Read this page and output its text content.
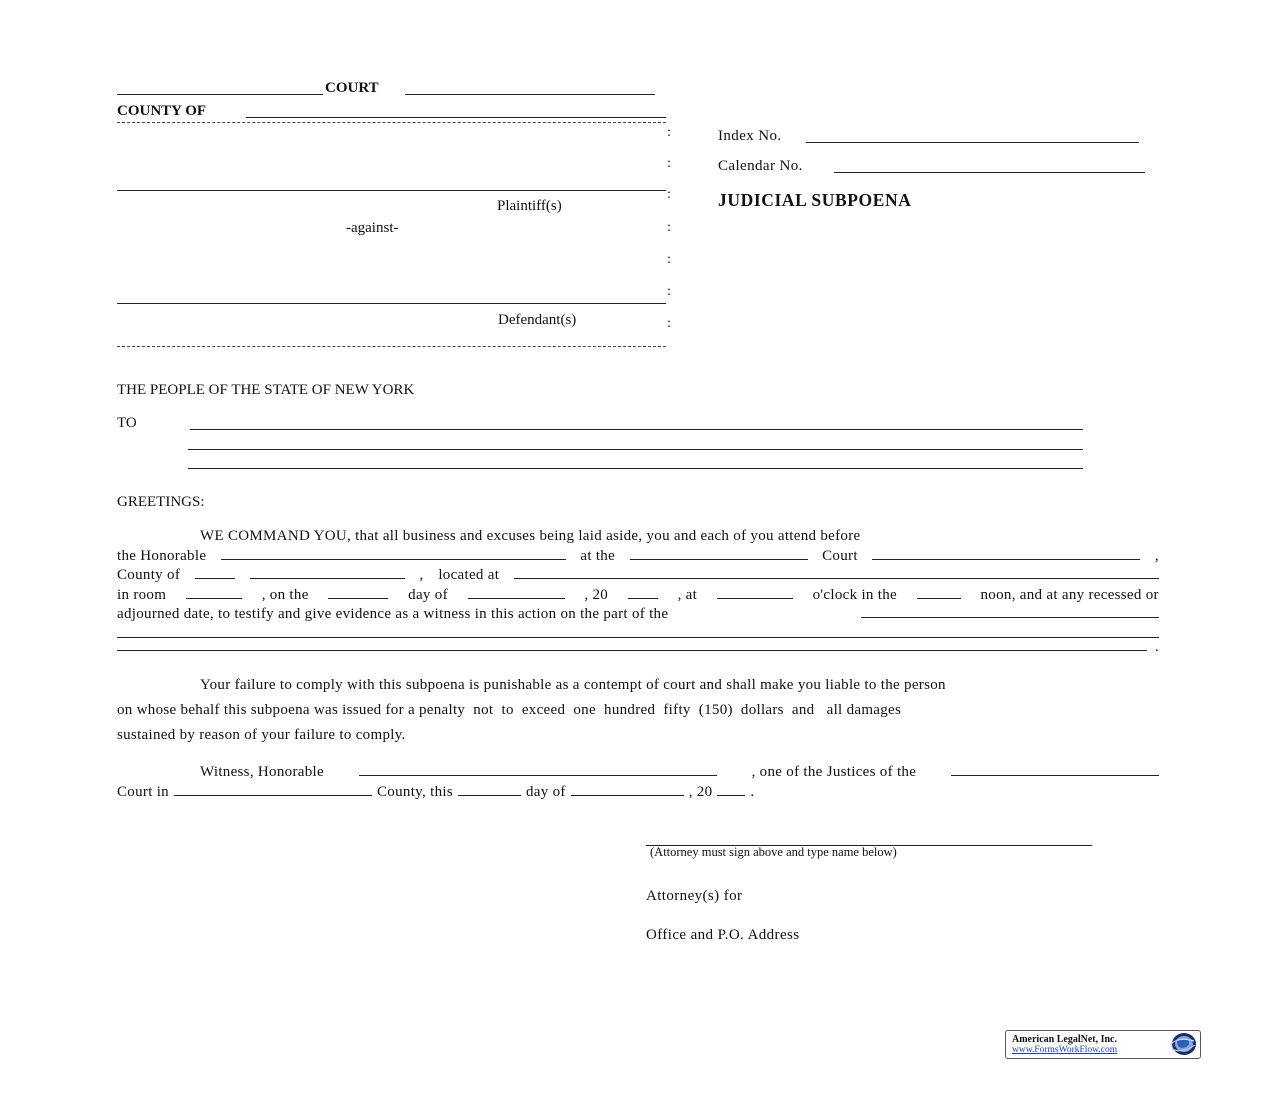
COURT
COUNTY OF
:
:
:
:
:
:
:
Plaintiff(s)
-against-
Defendant(s)
Index No.
Calendar No.
JUDICIAL SUBPOENA
THE PEOPLE OF THE STATE OF NEW YORK
TO
GREETINGS:
WE COMMAND YOU, that all business and excuses being laid aside, you and each of you attend before
the Honorable	at the	Court	,
County of	, located at
in room	, on the	day of	, 20	, at	o'clock in the	noon, and at any recessed or
adjourned date, to testify and give evidence as a witness in this action on the part of the
.
Your failure to comply with this subpoena is punishable as a contempt of court and shall make you liable to the person
on whose behalf this subpoena was issued for a penalty  not  to  exceed  one  hundred  fifty  (150)  dollars  and   all damages
sustained by reason of your failure to comply.
Witness, Honorable	, one of the Justices of the
Court in	County, this	day of	, 20	.
(Attorney must sign above and type name below)
Attorney(s) for
Office and P.O. Address
American LegalNet, Inc.
www.FormsWorkFlow.com
